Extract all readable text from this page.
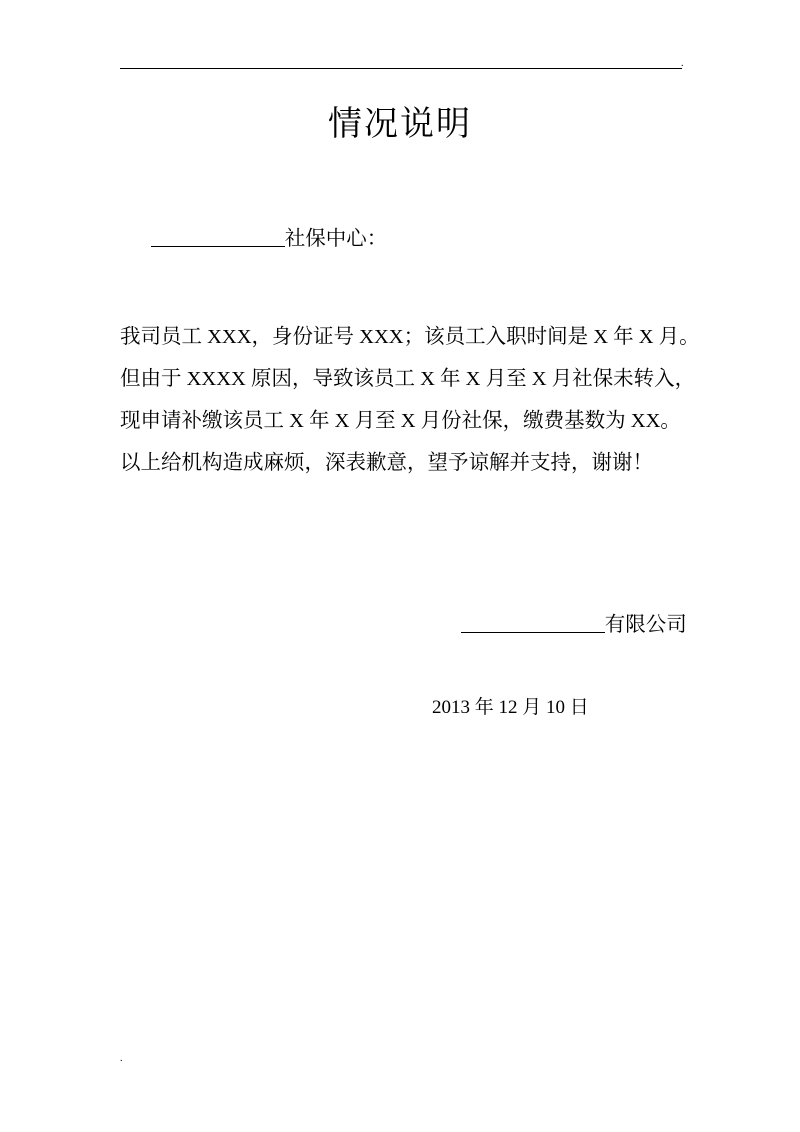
.
情况说明

社保中心：

我司员工 XXX，身份证号 XXX；该员工入职时间是 X 年 X 月。
但由于 XXXX 原因，导致该员工 X 年 X 月至 X 月社保未转入，
现申请补缴该员工 X 年 X 月至 X 月份社保，缴费基数为 XX。
以上给机构造成麻烦，深表歉意，望予谅解并支持，谢谢！

有限公司

2013 年 12 月 10 日
.
